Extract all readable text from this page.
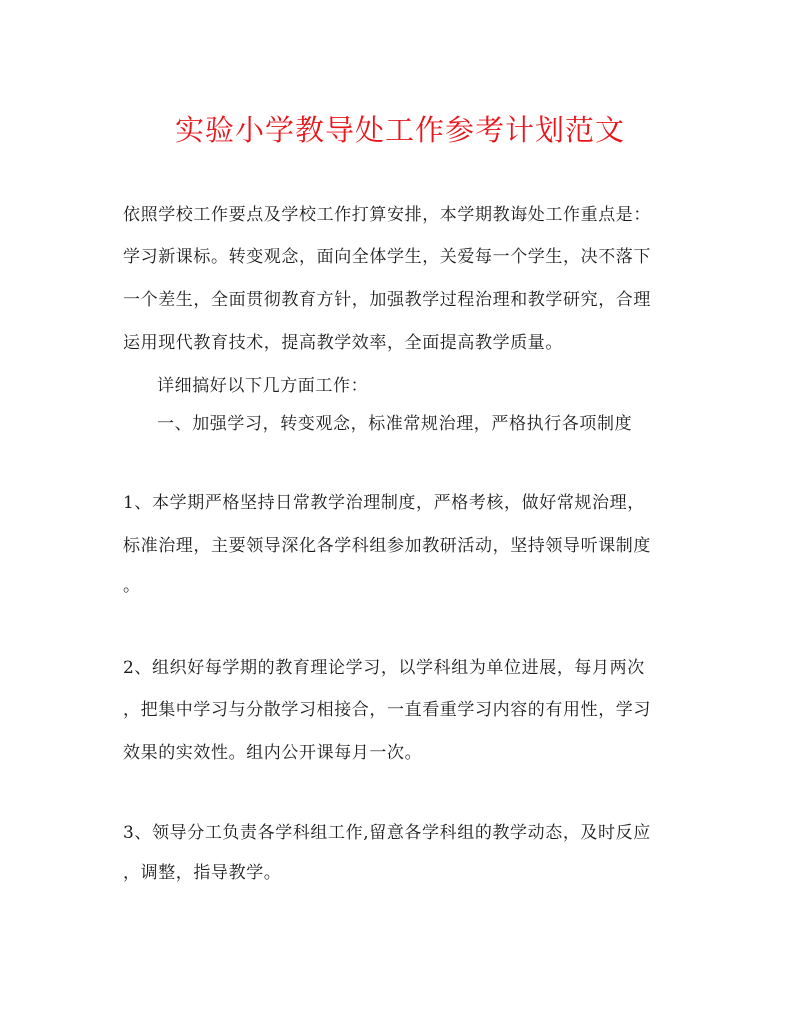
实验小学教导处工作参考计划范文
依照学校工作要点及学校工作打算安排，本学期教诲处工作重点是：
学习新课标。转变观念，面向全体学生，关爱每一个学生，决不落下
一个差生，全面贯彻教育方针，加强教学过程治理和教学研究，合理
运用现代教育技术，提高教学效率，全面提高教学质量。
详细搞好以下几方面工作：
一、加强学习，转变观念，标准常规治理，严格执行各项制度
1、本学期严格坚持日常教学治理制度，严格考核，做好常规治理，
标准治理，主要领导深化各学科组参加教研活动，坚持领导听课制度
。
2、组织好每学期的教育理论学习，以学科组为单位进展，每月两次
，把集中学习与分散学习相接合，一直看重学习内容的有用性，学习
效果的实效性。组内公开课每月一次。
3、领导分工负责各学科组工作,留意各学科组的教学动态，及时反应
，调整，指导教学。
